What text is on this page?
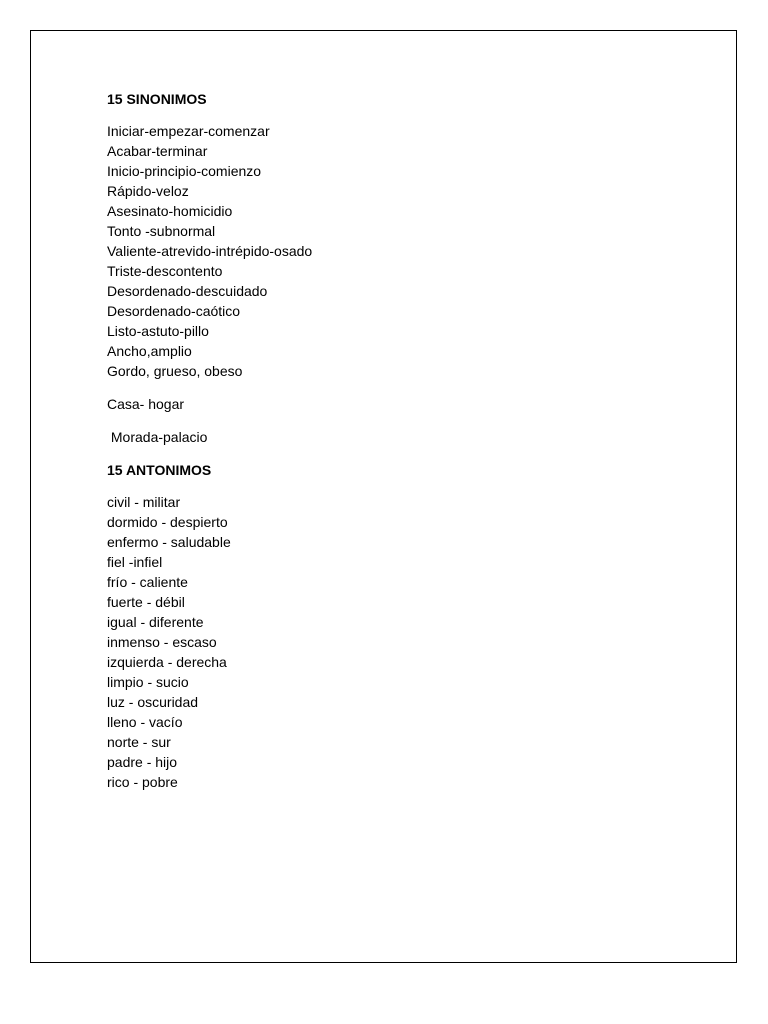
15 SINONIMOS
Iniciar-empezar-comenzar
Acabar-terminar
Inicio-principio-comienzo
Rápido-veloz
Asesinato-homicidio
Tonto -subnormal
Valiente-atrevido-intrépido-osado
Triste-descontento
Desordenado-descuidado
Desordenado-caótico
Listo-astuto-pillo
Ancho,amplio
Gordo, grueso, obeso
Casa- hogar
Morada-palacio
15 ANTONIMOS
civil - militar
dormido - despierto
enfermo - saludable
fiel -infiel
frío - caliente
fuerte - débil
igual - diferente
inmenso - escaso
izquierda - derecha
limpio - sucio
luz - oscuridad
lleno - vacío
norte - sur
padre - hijo
rico - pobre
